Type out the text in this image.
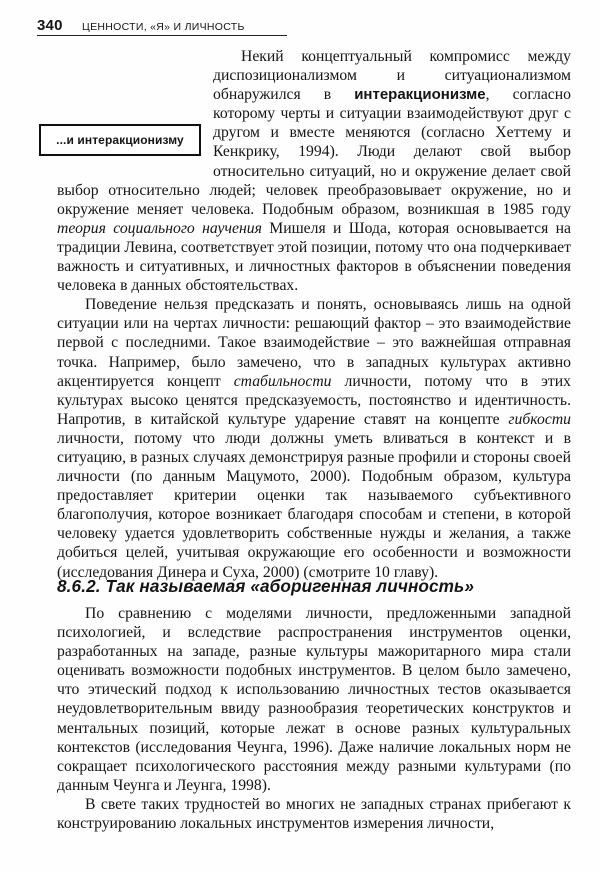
340 ЦЕННОСТИ, «Я» И ЛИЧНОСТЬ
...и интеракционизму

Некий концептуальный компромисс между диспозиционализмом и ситуационализмом обнаружился в интеракционизме, согласно которому черты и ситуации взаимодействуют друг с другом и вместе меняются (согласно Хеттему и Кенкрику, 1994). Люди делают свой выбор относительно ситуаций, но и окружение делает свой выбор относительно людей; человек преобразовывает окружение, но и окружение меняет человека. Подобным образом, возникшая в 1985 году теория социального научения Мишеля и Шода, которая основывается на традиции Левина, соответствует этой позиции, потому что она подчеркивает важность и ситуативных, и личностных факторов в объяснении поведения человека в данных обстоятельствах.

Поведение нельзя предсказать и понять, основываясь лишь на одной ситуации или на чертах личности: решающий фактор – это взаимодействие первой с последними. Такое взаимодействие – это важнейшая отправная точка. Например, было замечено, что в западных культурах активно акцентируется концепт стабильности личности, потому что в этих культурах высоко ценятся предсказуемость, постоянство и идентичность. Напротив, в китайской культуре ударение ставят на концепте гибкости личности, потому что люди должны уметь вливаться в контекст и в ситуацию, в разных случаях демонстрируя разные профили и стороны своей личности (по данным Мацумото, 2000). Подобным образом, культура предоставляет критерии оценки так называемого субъективного благополучия, которое возникает благодаря способам и степени, в которой человеку удается удовлетворить собственные нужды и желания, а также добиться целей, учитывая окружающие его особенности и возможности (исследования Динера и Суха, 2000) (смотрите 10 главу).

8.6.2. Так называемая «аборигенная личность»

По сравнению с моделями личности, предложенными западной психологией, и вследствие распространения инструментов оценки, разработанных на западе, разные культуры мажоритарного мира стали оценивать возможности подобных инструментов. В целом было замечено, что этический подход к использованию личностных тестов оказывается неудовлетворительным ввиду разнообразия теоретических конструктов и ментальных позиций, которые лежат в основе разных культуральных контекстов (исследования Чеунга, 1996). Даже наличие локальных норм не сокращает психологического расстояния между разными культурами (по данным Чеунга и Леунга, 1998).

В свете таких трудностей во многих не западных странах прибегают к конструированию локальных инструментов измерения личности,
